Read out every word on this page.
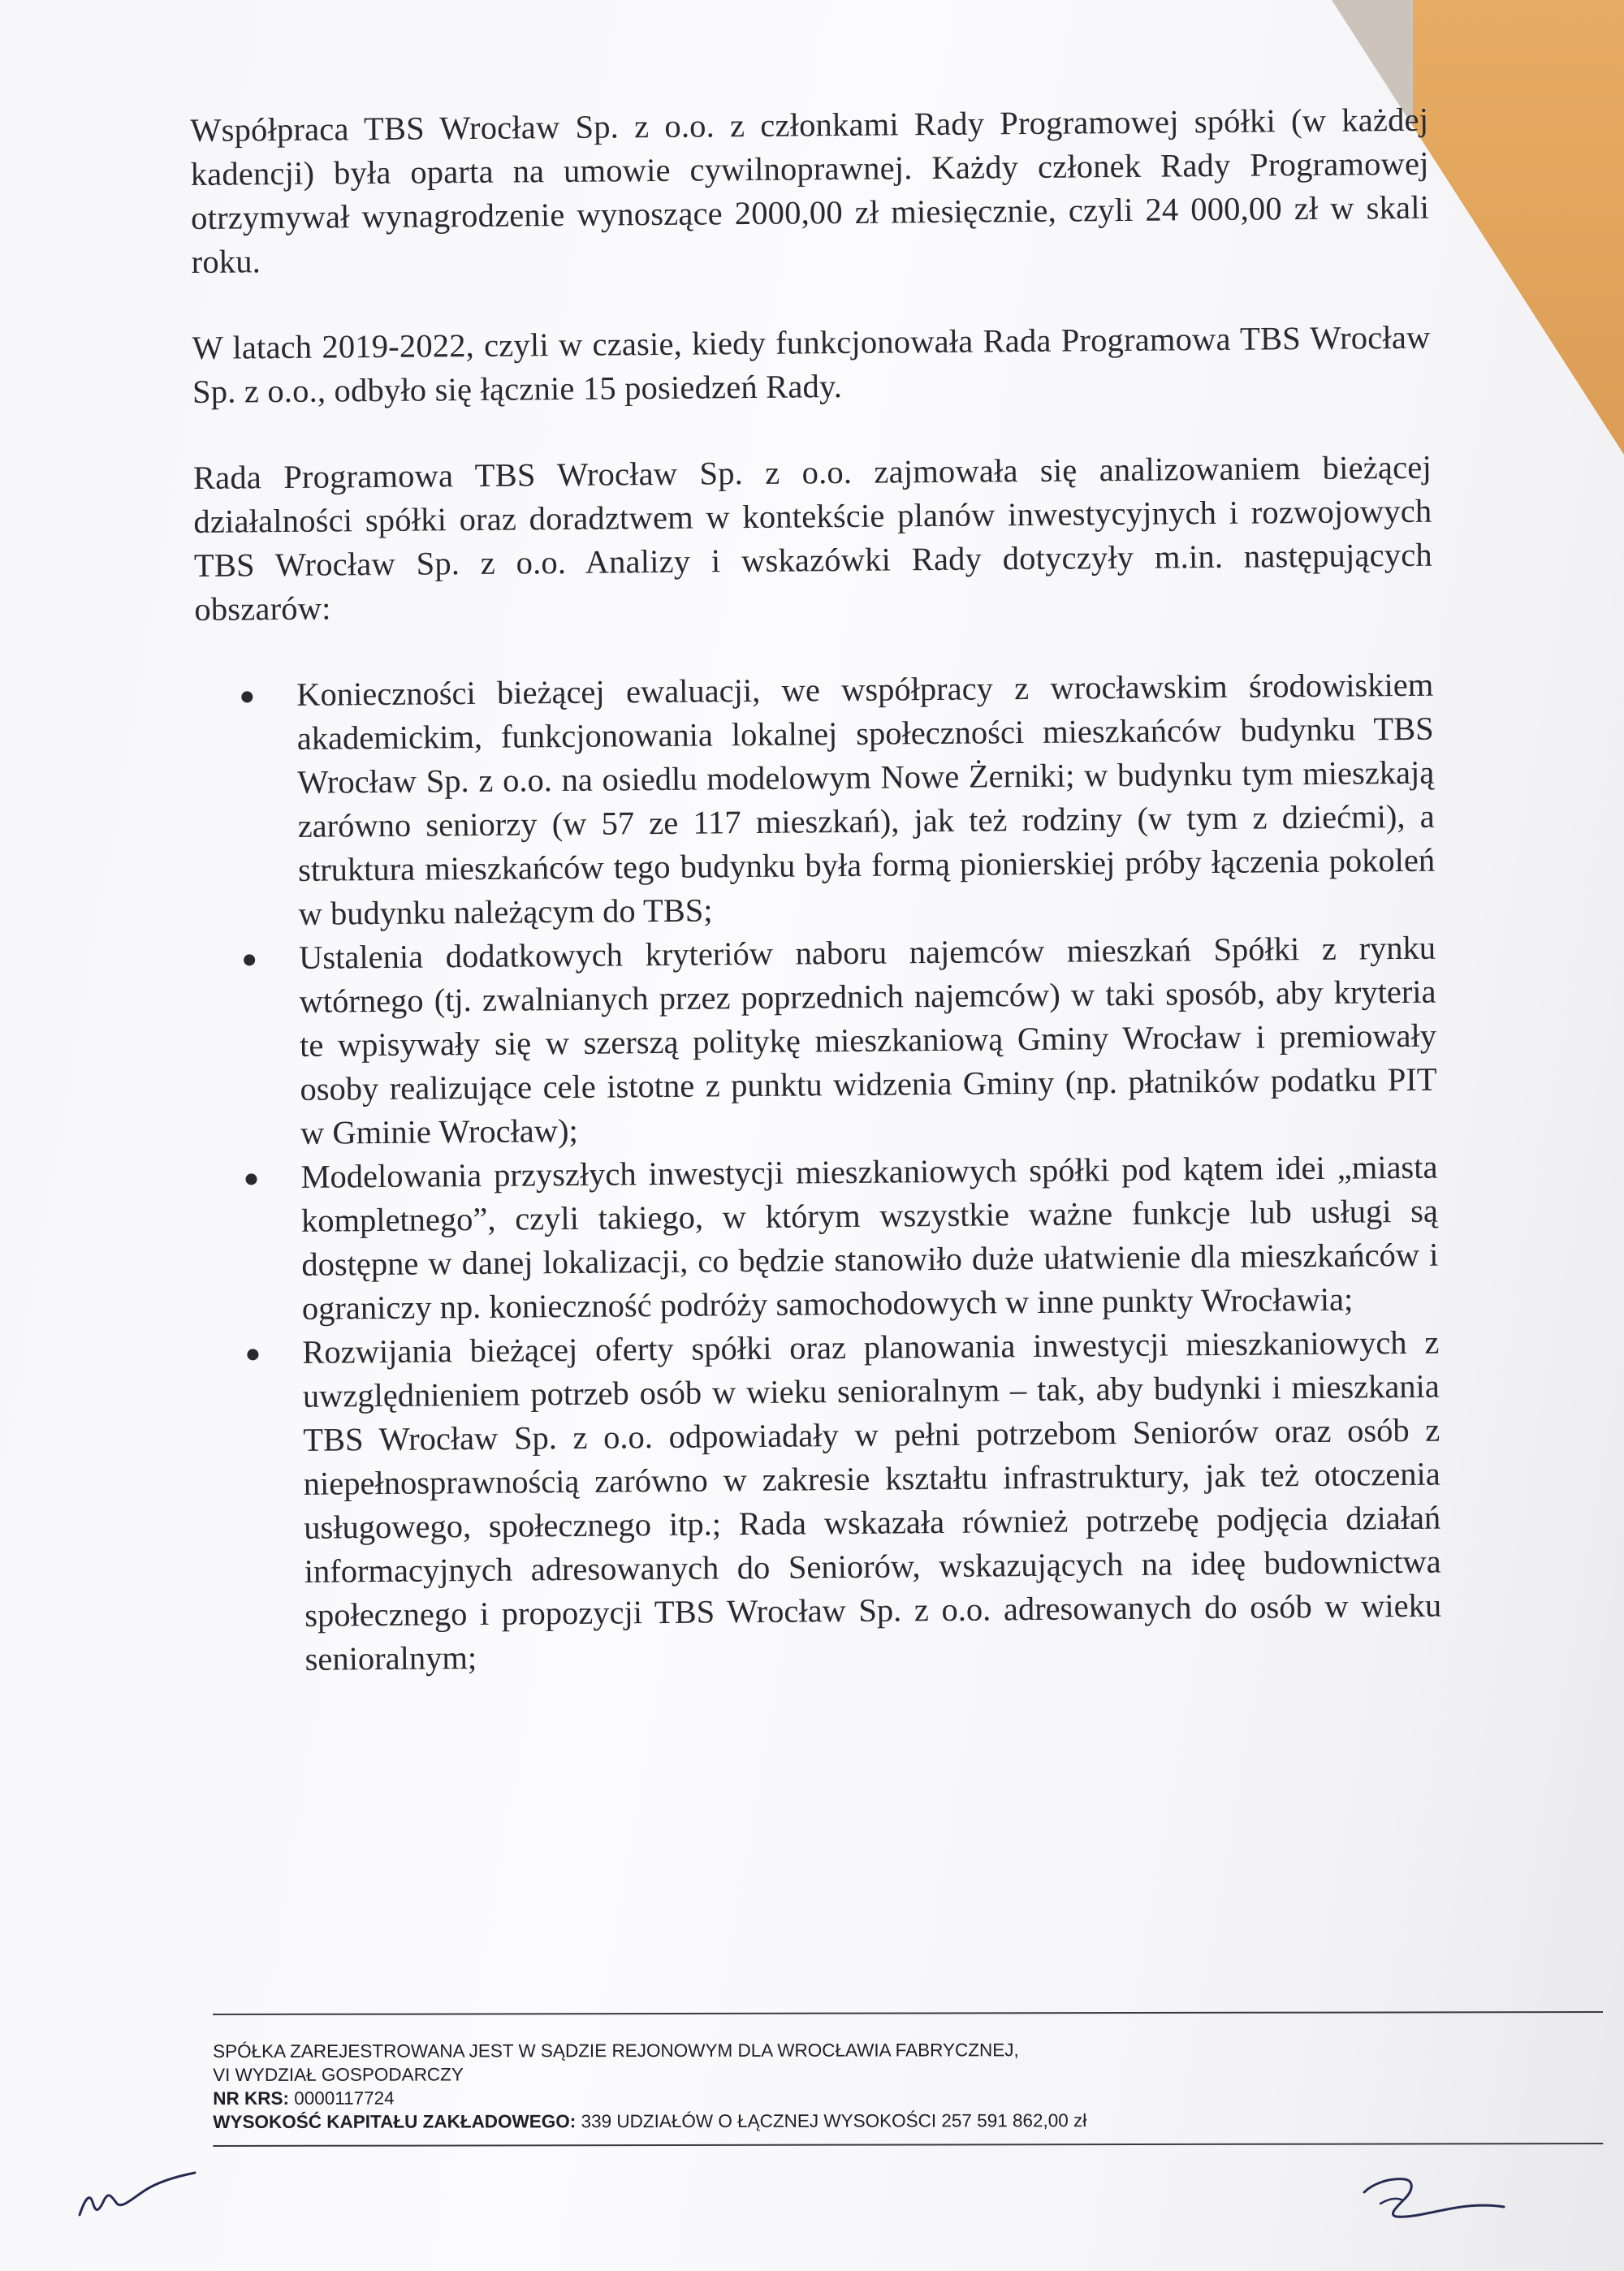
Współpraca TBS Wrocław Sp. z o.o. z członkami Rady Programowej spółki (w każdej kadencji) była oparta na umowie cywilnoprawnej. Każdy członek Rady Programowej otrzymywał wynagrodzenie wynoszące 2000,00 zł miesięcznie, czyli 24 000,00 zł w skali roku.

W latach 2019-2022, czyli w czasie, kiedy funkcjonowała Rada Programowa TBS Wrocław Sp. z o.o., odbyło się łącznie 15 posiedzeń Rady.

Rada Programowa TBS Wrocław Sp. z o.o. zajmowała się analizowaniem bieżącej działalności spółki oraz doradztwem w kontekście planów inwestycyjnych i rozwojowych TBS Wrocław Sp. z o.o. Analizy i wskazówki Rady dotyczyły m.in. następujących obszarów:

Konieczności bieżącej ewaluacji, we współpracy z wrocławskim środowiskiem akademickim, funkcjonowania lokalnej społeczności mieszkańców budynku TBS Wrocław Sp. z o.o. na osiedlu modelowym Nowe Żerniki; w budynku tym mieszkają zarówno seniorzy (w 57 ze 117 mieszkań), jak też rodziny (w tym z dziećmi), a struktura mieszkańców tego budynku była formą pionierskiej próby łączenia pokoleń w budynku należącym do TBS;
Ustalenia dodatkowych kryteriów naboru najemców mieszkań Spółki z rynku wtórnego (tj. zwalnianych przez poprzednich najemców) w taki sposób, aby kryteria te wpisywały się w szerszą politykę mieszkaniową Gminy Wrocław i premiowały osoby realizujące cele istotne z punktu widzenia Gminy (np. płatników podatku PIT w Gminie Wrocław);
Modelowania przyszłych inwestycji mieszkaniowych spółki pod kątem idei „miasta kompletnego”, czyli takiego, w którym wszystkie ważne funkcje lub usługi są dostępne w danej lokalizacji, co będzie stanowiło duże ułatwienie dla mieszkańców i ograniczy np. konieczność podróży samochodowych w inne punkty Wrocławia;
Rozwijania bieżącej oferty spółki oraz planowania inwestycji mieszkaniowych z uwzględnieniem potrzeb osób w wieku senioralnym – tak, aby budynki i mieszkania TBS Wrocław Sp. z o.o. odpowiadały w pełni potrzebom Seniorów oraz osób z niepełnosprawnością zarówno w zakresie kształtu infrastruktury, jak też otoczenia usługowego, społecznego itp.; Rada wskazała również potrzebę podjęcia działań informacyjnych adresowanych do Seniorów, wskazujących na ideę budownictwa społecznego i propozycji TBS Wrocław Sp. z o.o. adresowanych do osób w wieku senioralnym;
SPÓŁKA ZAREJESTROWANA JEST W SĄDZIE REJONOWYM DLA WROCŁAWIA FABRYCZNEJ,
VI WYDZIAŁ GOSPODARCZY
NR KRS: 0000117724
WYSOKOŚĆ KAPITAŁU ZAKŁADOWEGO: 339 UDZIAŁÓW O ŁĄCZNEJ WYSOKOŚCI 257 591 862,00 zł
